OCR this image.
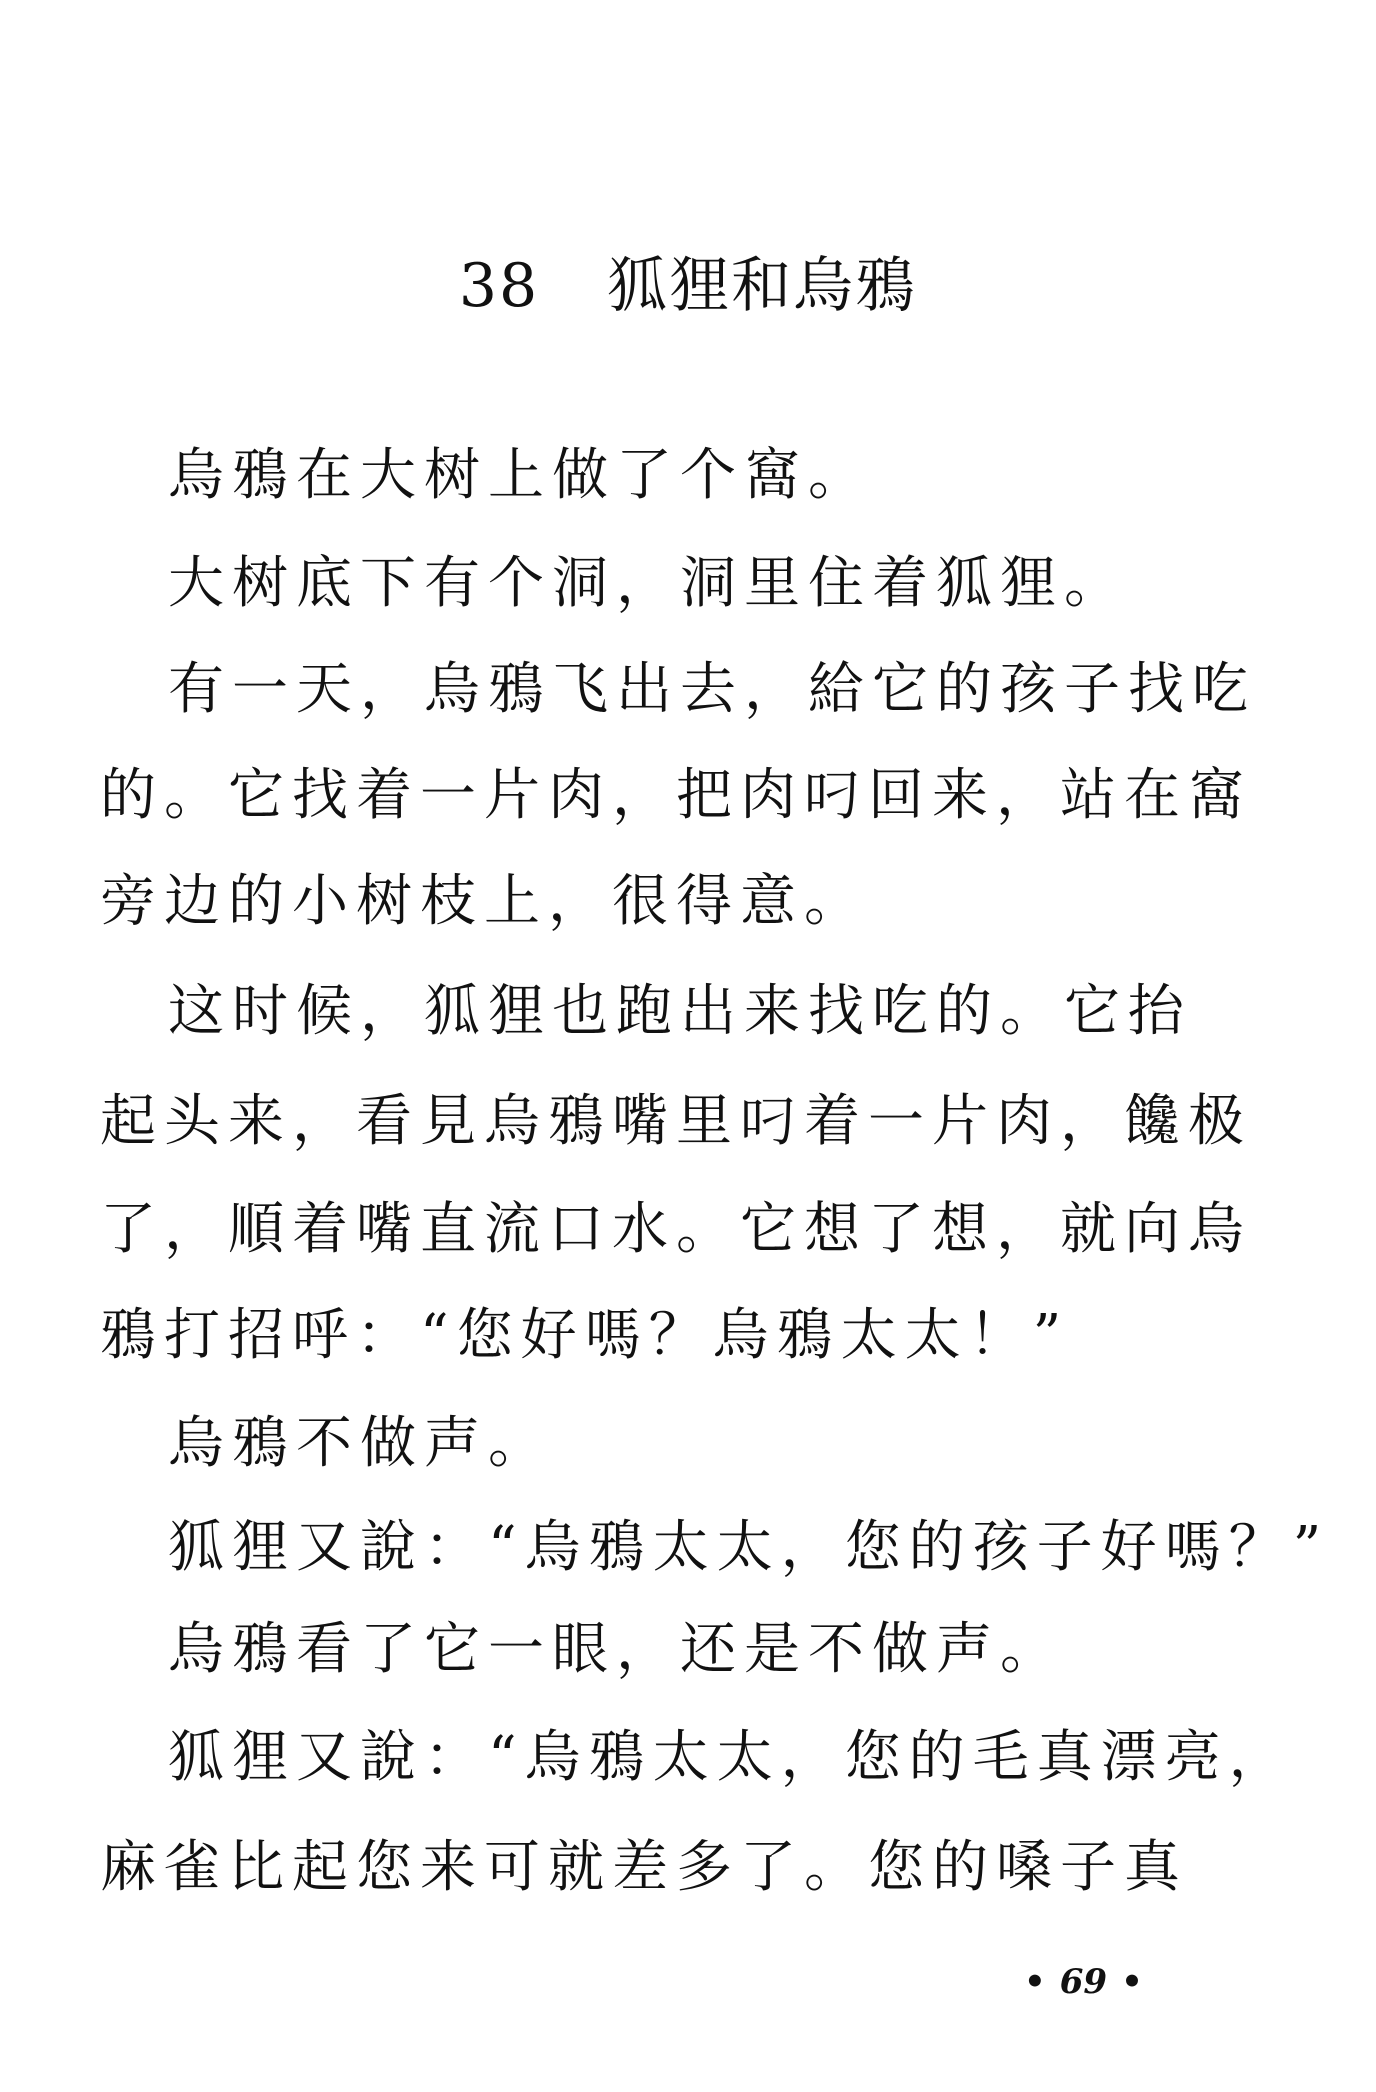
38 狐狸和烏鴉
烏鴉在大树上做了个窩。
大树底下有个洞，洞里住着狐狸。
有一天，烏鴉飞出去，給它的孩子找吃
的。它找着一片肉，把肉叼回来，站在窩
旁边的小树枝上，很得意。
这时候，狐狸也跑出来找吃的。它抬
起头来，看見烏鴉嘴里叼着一片肉，饞极
了，順着嘴直流口水。它想了想，就向烏
鴉打招呼：“您好嗎？烏鴉太太！”
烏鴉不做声。
狐狸又說：“烏鴉太太，您的孩子好嗎？”
烏鴉看了它一眼，还是不做声。
狐狸又說：“烏鴉太太，您的毛真漂亮，
麻雀比起您来可就差多了。您的嗓子真
• 69 •
